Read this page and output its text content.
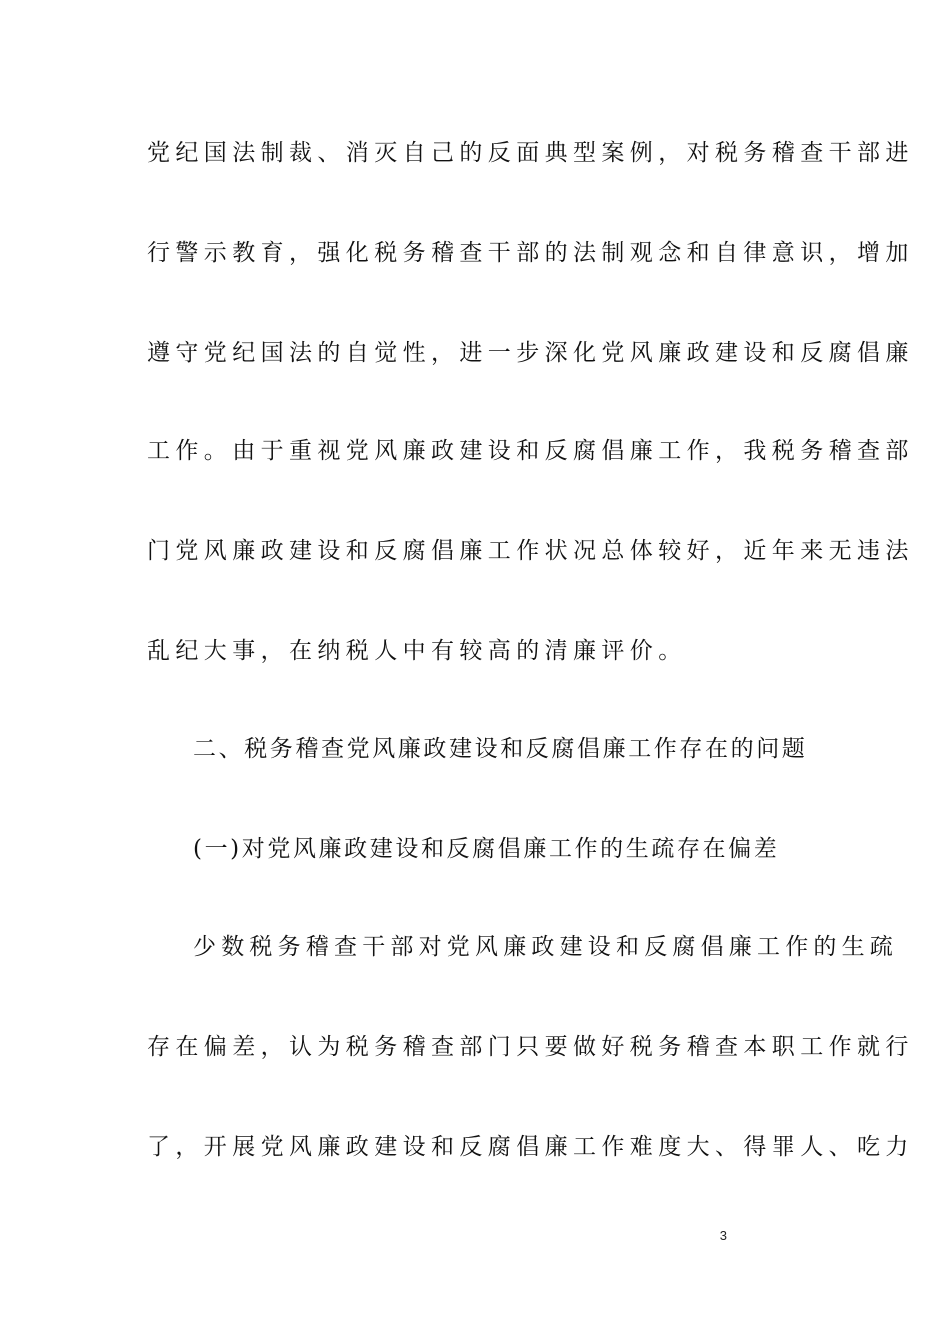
党纪国法制裁、消灭自己的反面典型案例，对税务稽查干部进
行警示教育，强化税务稽查干部的法制观念和自律意识，增加
遵守党纪国法的自觉性，进一步深化党风廉政建设和反腐倡廉
工作。由于重视党风廉政建设和反腐倡廉工作，我税务稽查部
门党风廉政建设和反腐倡廉工作状况总体较好，近年来无违法
乱纪大事，在纳税人中有较高的清廉评价。
二、税务稽查党风廉政建设和反腐倡廉工作存在的问题
(一)对党风廉政建设和反腐倡廉工作的生疏存在偏差
少数税务稽查干部对党风廉政建设和反腐倡廉工作的生疏
存在偏差，认为税务稽查部门只要做好税务稽查本职工作就行
了，开展党风廉政建设和反腐倡廉工作难度大、得罪人、吃力
3
